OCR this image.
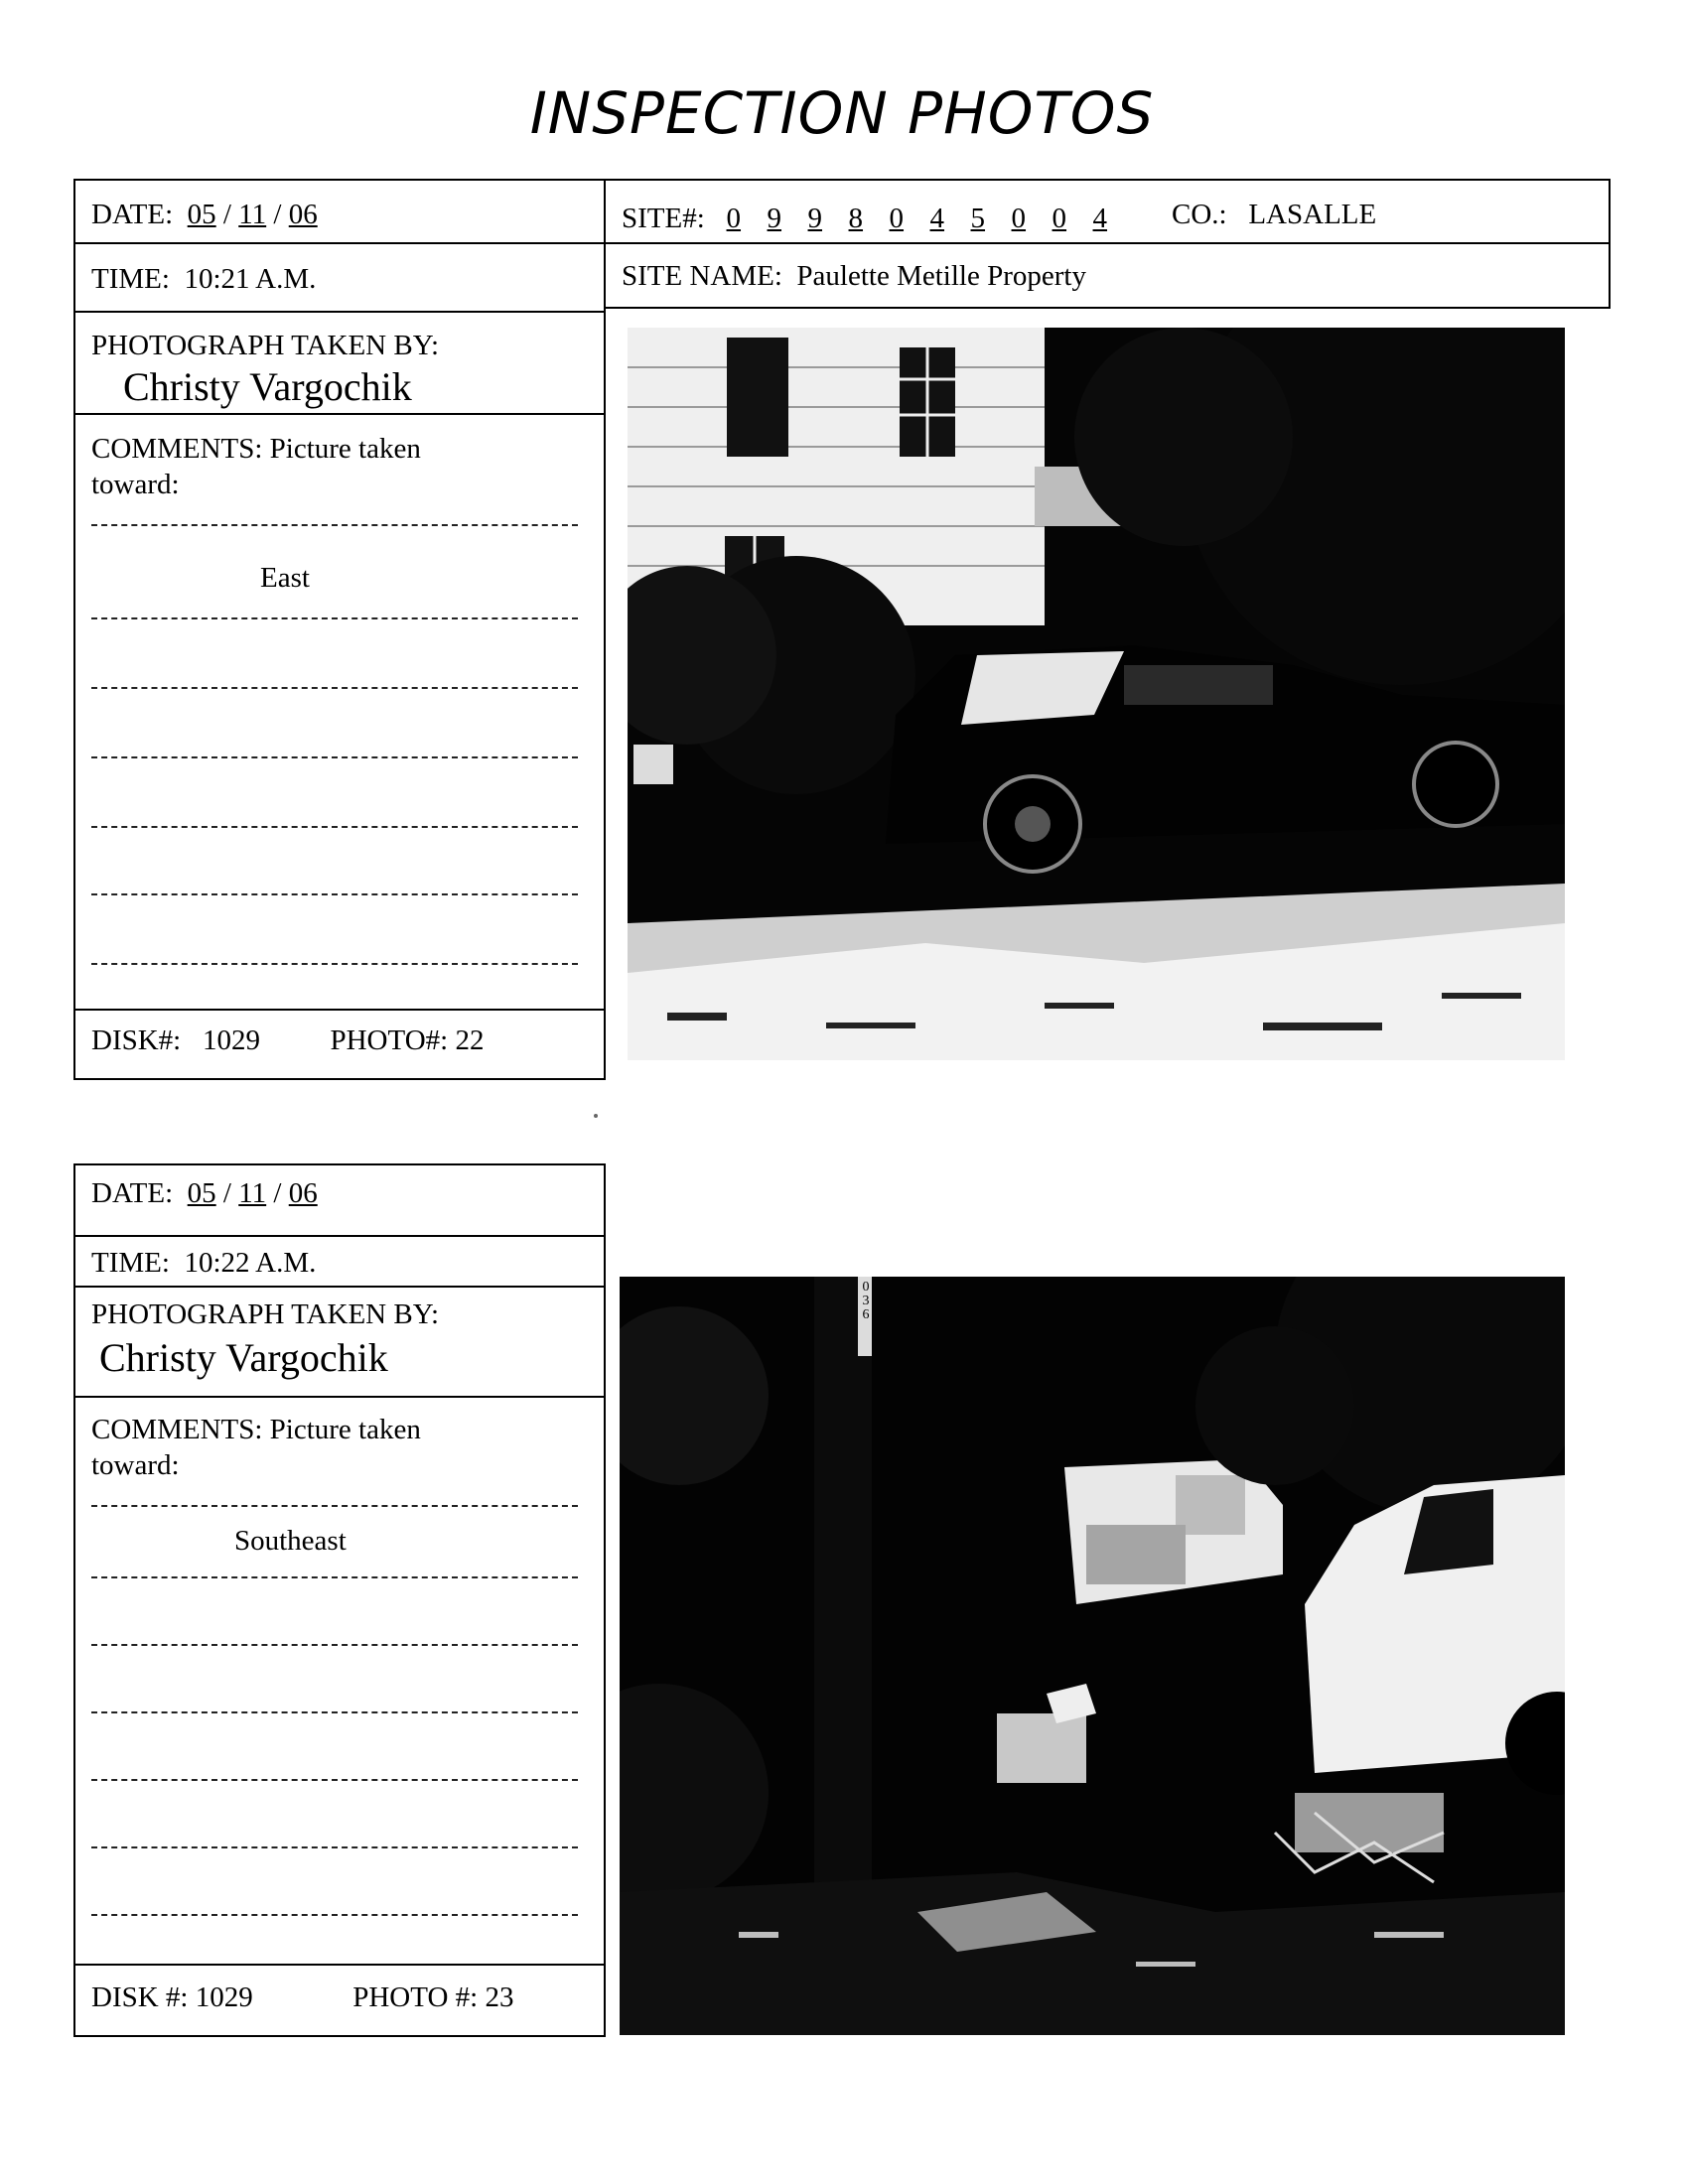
INSPECTION PHOTOS
DATE: 05 / 11 / 06	SITE#: 0 9 9 8 0 4 5 0 0 4	CO.: LASALLE
TIME: 10:21 A.M.	SITE NAME: Paulette Metille Property
PHOTOGRAPH TAKEN BY:
Christy Vargochik
COMMENTS: Picture taken
toward:
East
DISK#: 1029 PHOTO#: 22
DATE: 05 / 11 / 06
TIME: 10:22 A.M.
PHOTOGRAPH TAKEN BY:
Christy Vargochik
COMMENTS: Picture taken
toward:
Southeast
DISK #: 1029	PHOTO #: 23
036
